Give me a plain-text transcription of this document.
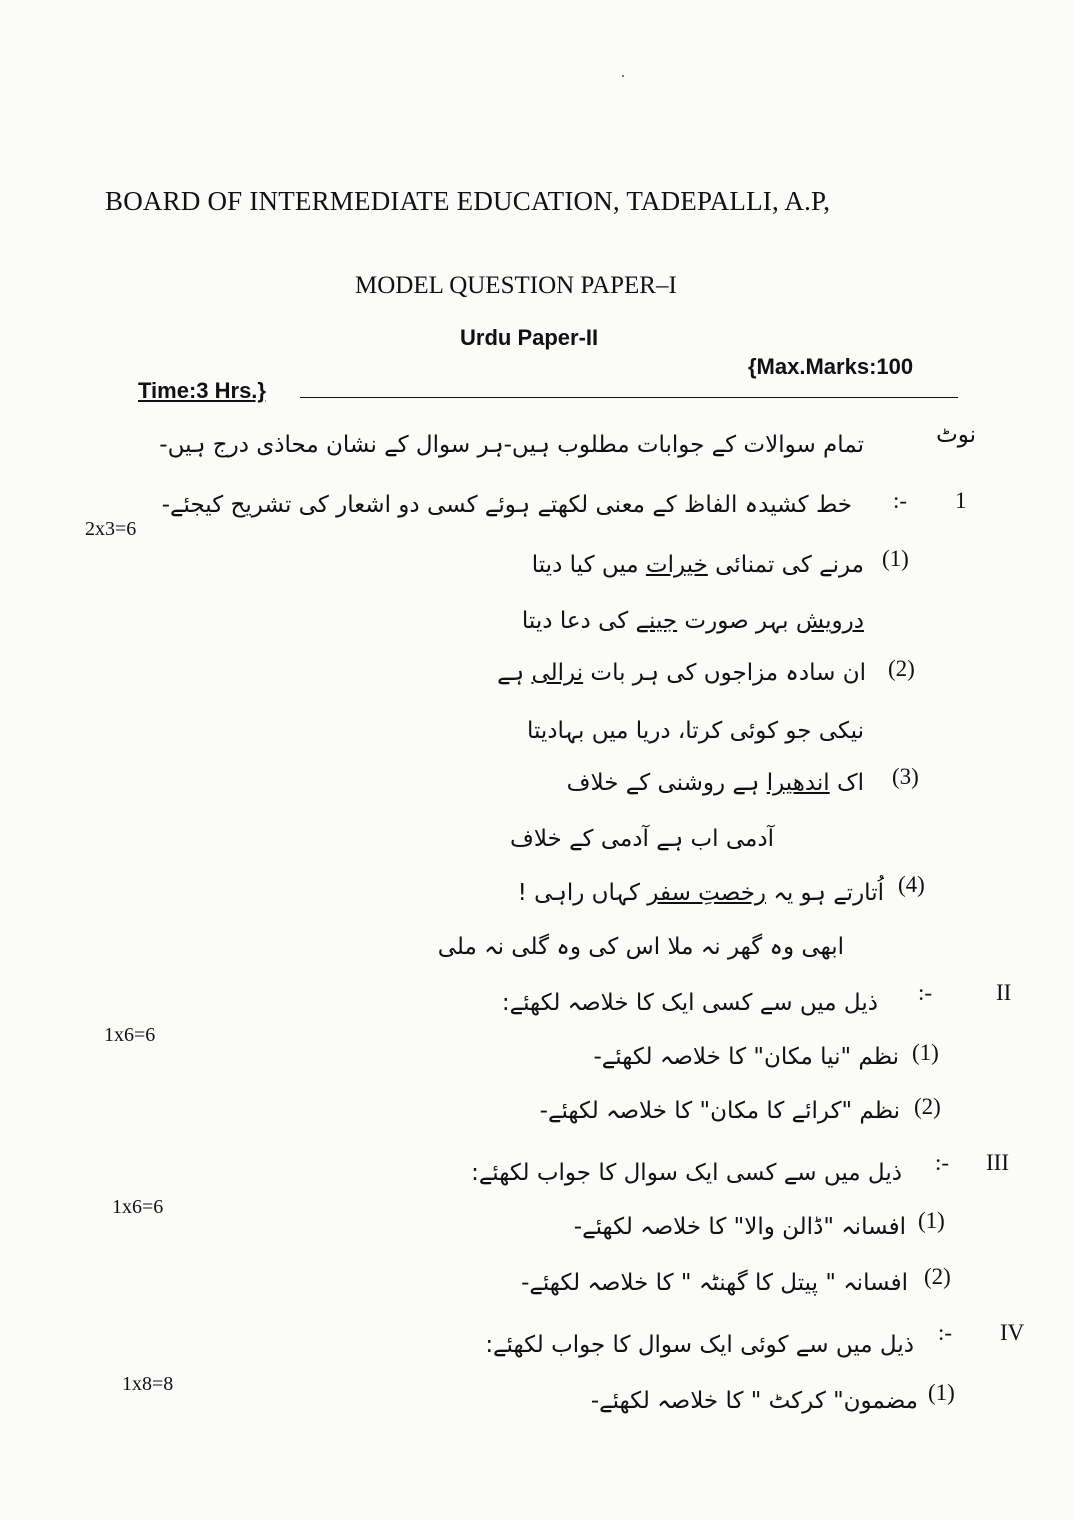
BOARD OF INTERMEDIATE EDUCATION, TADEPALLI, A.P,
MODEL QUESTION PAPER–I
Urdu Paper-II
{Max.Marks:100
Time:3 Hrs.}
نوٹ
تمام سوالات کے جوابات مطلوب ہیں-ہر سوال کے نشان محاذی درج ہیں-
1
:-
خط کشیدہ الفاظ کے معنی لکھتے ہوئے کسی دو اشعار کی تشریح کیجئے-
2x3=6
(1)
مرنے کی تمنائی خیرات میں کیا دیتا
درویش بہر صورت جینے کی دعا دیتا
(2)
ان سادہ مزاجوں کی ہر بات نرالی ہے
نیکی جو کوئی کرتا، دریا میں بہادیتا
(3)
اک اندھیرا ہے روشنی کے خلاف
آدمی اب ہے آدمی کے خلاف
(4)
اُتارتے ہو یہ رخصتِ سفر کہاں راہی !
ابھی وہ گھر نہ ملا اس کی وہ گلی نہ ملی
II
:-
ذیل میں سے کسی ایک کا خلاصہ لکھئے:
1x6=6
(1)
نظم "نیا مکان" کا خلاصہ لکھئے-
(2)
نظم "کرائے کا مکان" کا خلاصہ لکھئے-
III
:-
ذیل میں سے کسی ایک سوال کا جواب لکھئے:
1x6=6
(1)
افسانہ "ڈالن والا" کا خلاصہ لکھئے-
(2)
افسانہ " پیتل کا گھنٹہ " کا خلاصہ لکھئے-
IV
:-
ذیل میں سے کوئی ایک سوال کا جواب لکھئے:
1x8=8	(1)
مضمون" کرکٹ " کا خلاصہ لکھئے-
